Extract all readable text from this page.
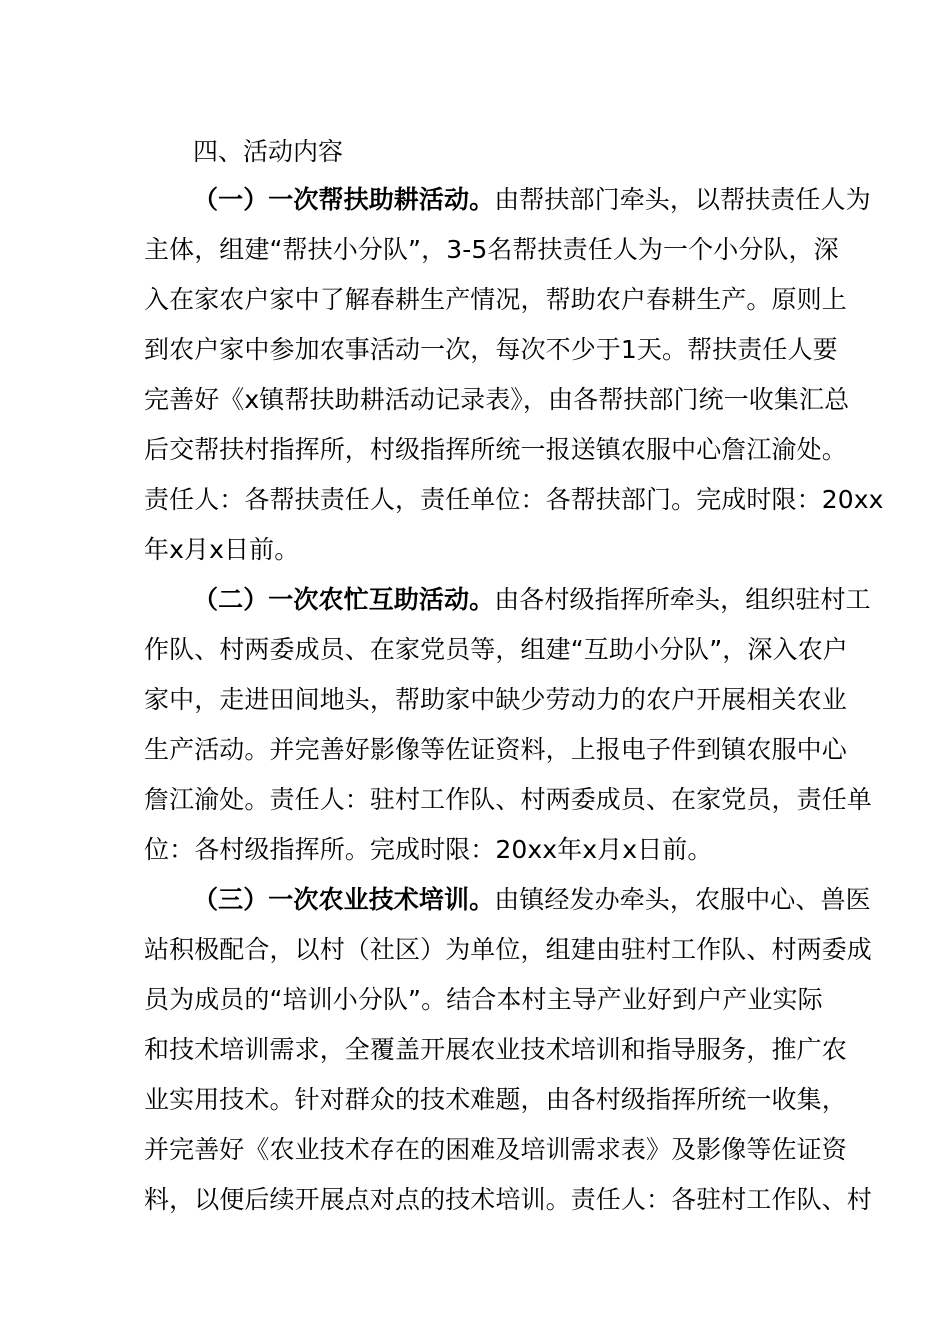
四、活动内容
（一）一次帮扶助耕活动。由帮扶部门牵头，以帮扶责任人为
主体，组建“帮扶小分队”，3-5名帮扶责任人为一个小分队，深
入在家农户家中了解春耕生产情况，帮助农户春耕生产。原则上
到农户家中参加农事活动一次，每次不少于1天。帮扶责任人要
完善好《x镇帮扶助耕活动记录表》，由各帮扶部门统一收集汇总
后交帮扶村指挥所，村级指挥所统一报送镇农服中心詹江渝处。
责任人：各帮扶责任人，责任单位：各帮扶部门。完成时限：20xx
年x月x日前。
（二）一次农忙互助活动。由各村级指挥所牵头，组织驻村工
作队、村两委成员、在家党员等，组建“互助小分队”，深入农户
家中，走进田间地头，帮助家中缺少劳动力的农户开展相关农业
生产活动。并完善好影像等佐证资料，上报电子件到镇农服中心
詹江渝处。责任人：驻村工作队、村两委成员、在家党员，责任单
位：各村级指挥所。完成时限：20xx年x月x日前。
（三）一次农业技术培训。由镇经发办牵头，农服中心、兽医
站积极配合，以村（社区）为单位，组建由驻村工作队、村两委成
员为成员的“培训小分队”。结合本村主导产业好到户产业实际
和技术培训需求，全覆盖开展农业技术培训和指导服务，推广农
业实用技术。针对群众的技术难题，由各村级指挥所统一收集，
并完善好《农业技术存在的困难及培训需求表》及影像等佐证资
料，以便后续开展点对点的技术培训。责任人：各驻村工作队、村
